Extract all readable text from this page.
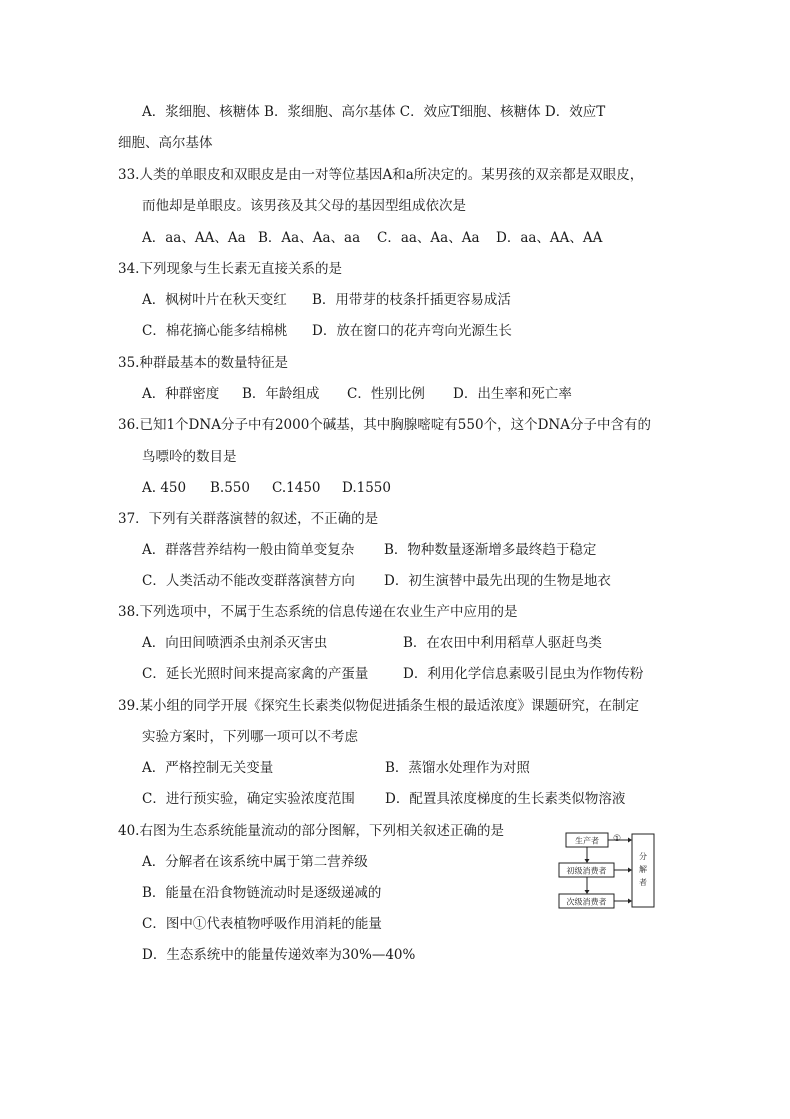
A．浆细胞、核糖体 B．浆细胞、高尔基体 C．效应T细胞、核糖体 D．效应T
细胞、高尔基体
33.人类的单眼皮和双眼皮是由一对等位基因A和a所决定的。某男孩的双亲都是双眼皮，
而他却是单眼皮。该男孩及其父母的基因型组成依次是
A．aa、AA、Aa B．Aa、Aa、aa C．aa、Aa、Aa D．aa、AA、AA
34.下列现象与生长素无直接关系的是
A．枫树叶片在秋天变红 B．用带芽的枝条扦插更容易成活
C．棉花摘心能多结棉桃 D．放在窗口的花卉弯向光源生长
35.种群最基本的数量特征是
A．种群密度 B．年龄组成 C．性别比例 D．出生率和死亡率
36.已知1个DNA分子中有2000个碱基，其中胸腺嘧啶有550个，这个DNA分子中含有的
鸟嘌呤的数目是
A. 450 B.550 C.1450 D.1550
37．下列有关群落演替的叙述，不正确的是
A．群落营养结构一般由简单变复杂 B．物种数量逐渐增多最终趋于稳定
C．人类活动不能改变群落演替方向 D．初生演替中最先出现的生物是地衣
38.下列选项中，不属于生态系统的信息传递在农业生产中应用的是
A．向田间喷洒杀虫剂杀灭害虫	B．在农田中利用稻草人驱赶鸟类
C．延长光照时间来提高家禽的产蛋量	D．利用化学信息素吸引昆虫为作物传粉
39.某小组的同学开展《探究生长素类似物促进插条生根的最适浓度》课题研究，在制定
实验方案时，下列哪一项可以不考虑
A．严格控制无关变量	B．蒸馏水处理作为对照
C．进行预实验，确定实验浓度范围 D．配置具浓度梯度的生长素类似物溶液
40.右图为生态系统能量流动的部分图解，下列相关叙述正确的是
A．分解者在该系统中属于第二营养级
B．能量在沿食物链流动时是逐级递减的
C．图中①代表植物呼吸作用消耗的能量
D．生态系统中的能量传递效率为30%—40%
生产者 ①
初级消费者
次级消费者
分
解
者
